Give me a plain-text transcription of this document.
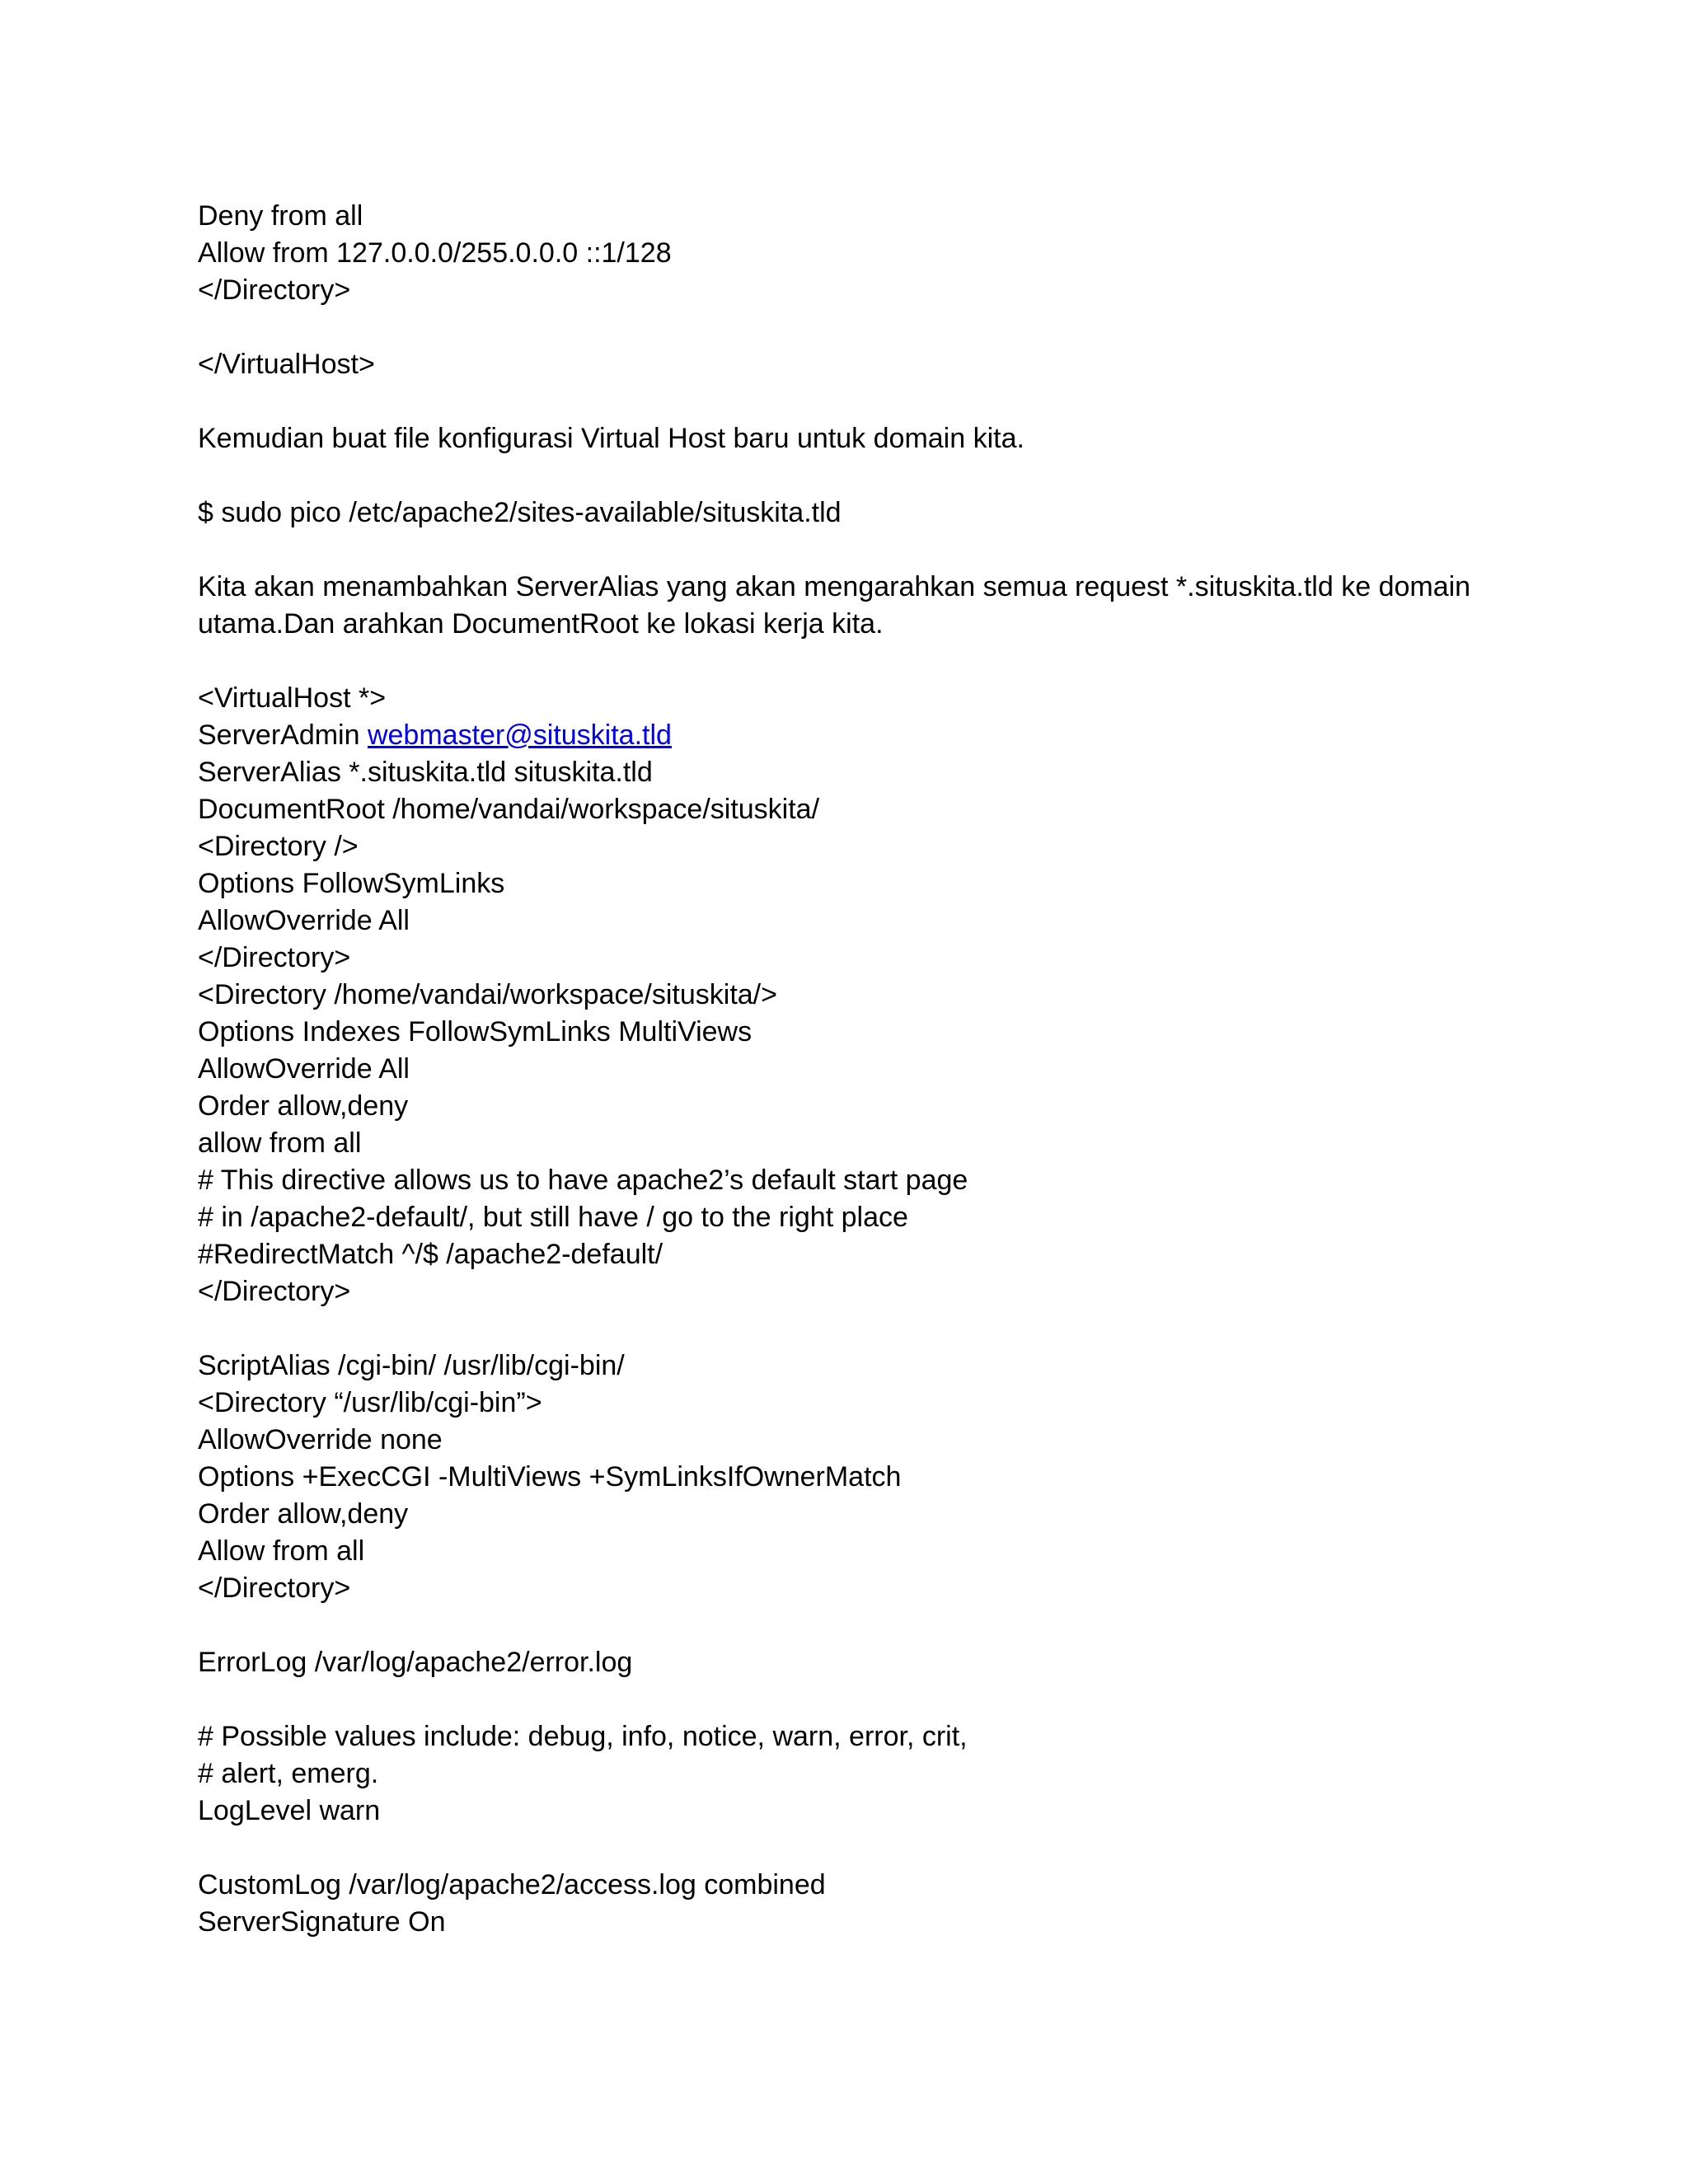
Deny from all
Allow from 127.0.0.0/255.0.0.0 ::1/128
</Directory>
</VirtualHost>
Kemudian buat file konfigurasi Virtual Host baru untuk domain kita.
$ sudo pico /etc/apache2/sites-available/situskita.tld
Kita akan menambahkan ServerAlias yang akan mengarahkan semua request *.situskita.tld ke domain
utama.Dan arahkan DocumentRoot ke lokasi kerja kita.
<VirtualHost *>
ServerAdmin webmaster@situskita.tld
ServerAlias *.situskita.tld situskita.tld
DocumentRoot /home/vandai/workspace/situskita/
<Directory />
Options FollowSymLinks
AllowOverride All
</Directory>
<Directory /home/vandai/workspace/situskita/>
Options Indexes FollowSymLinks MultiViews
AllowOverride All
Order allow,deny
allow from all
# This directive allows us to have apache2’s default start page
# in /apache2-default/, but still have / go to the right place
#RedirectMatch ^/$ /apache2-default/
</Directory>
ScriptAlias /cgi-bin/ /usr/lib/cgi-bin/
<Directory “/usr/lib/cgi-bin”>
AllowOverride none
Options +ExecCGI -MultiViews +SymLinksIfOwnerMatch
Order allow,deny
Allow from all
</Directory>
ErrorLog /var/log/apache2/error.log
# Possible values include: debug, info, notice, warn, error, crit,
# alert, emerg.
LogLevel warn
CustomLog /var/log/apache2/access.log combined
ServerSignature On
